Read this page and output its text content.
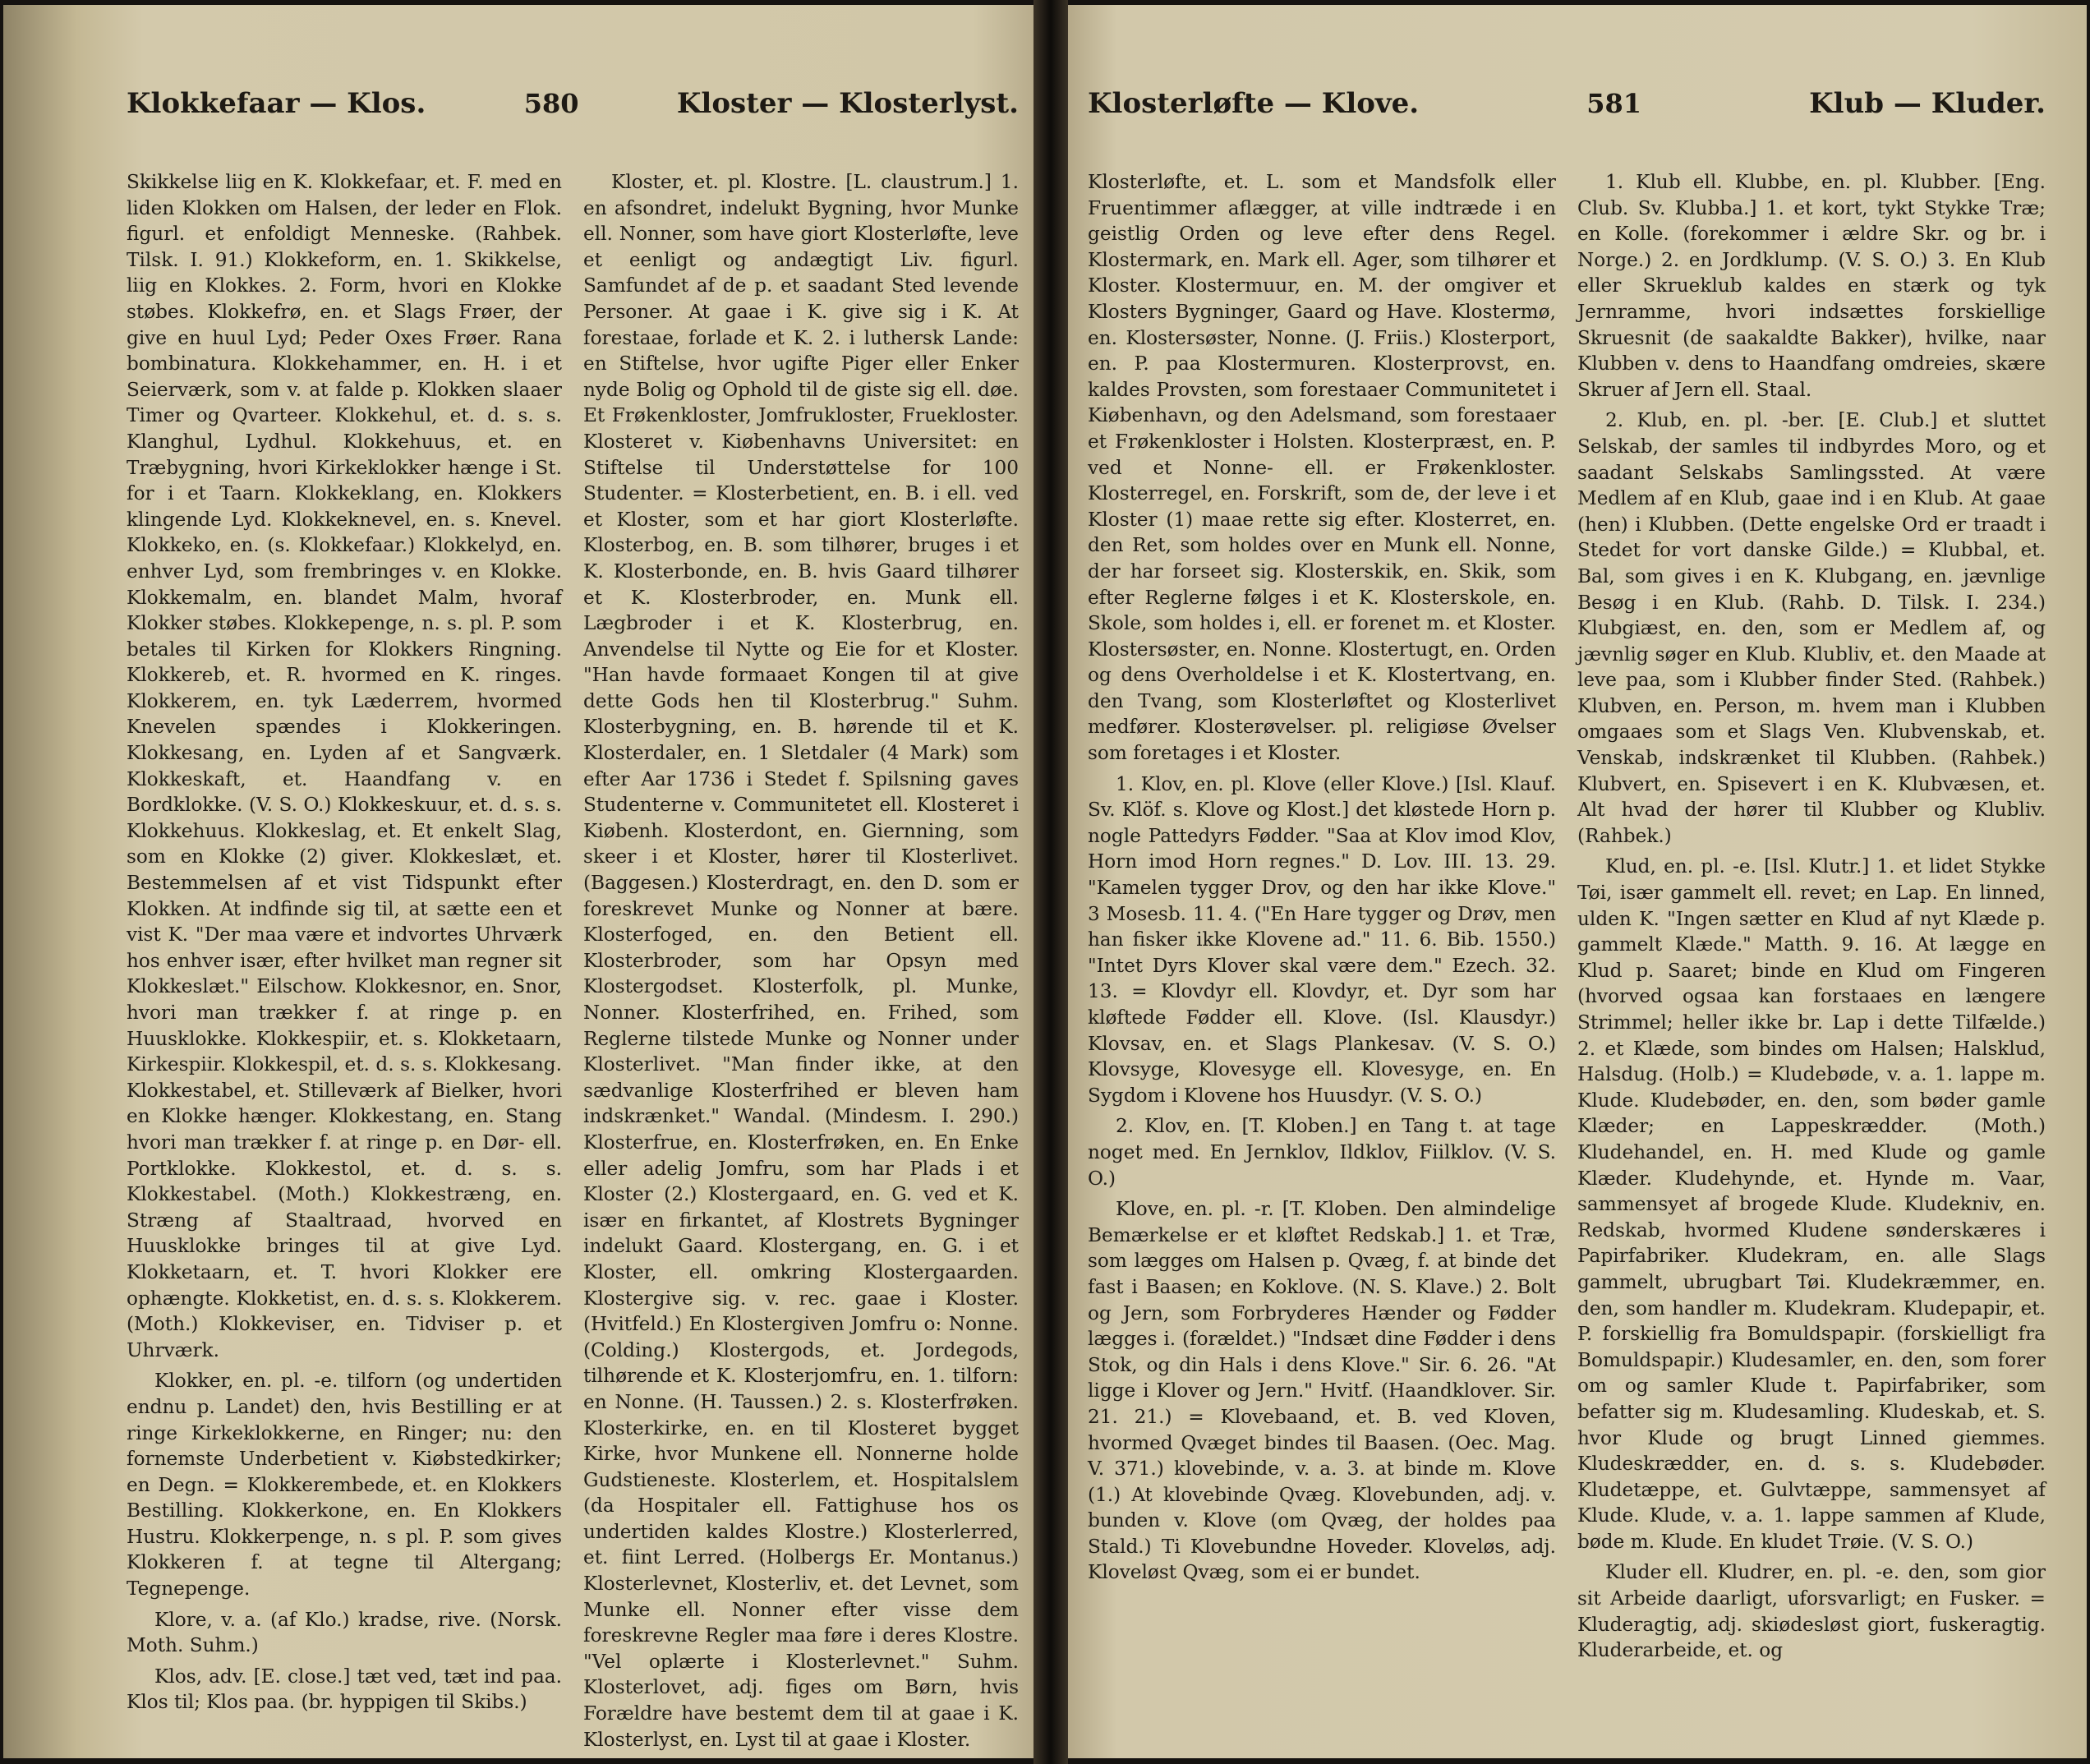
Klokkefaar — Klos.	580	Kloster — Klosterlyst.

Skikkelse liig en K. Klokkefaar, et. F. med en liden Klokken om Halsen, der leder en Flok. figurl. et enfoldigt Menneske. (Rahbek. Tilsk. I. 91.) Klokkeform, en. 1. Skikkelse, liig en Klokkes. 2. Form, hvori en Klokke støbes. Klokkefrø, en. et Slags Frøer, der give en huul Lyd; Peder Oxes Frøer. Rana bombinatura. Klokkehammer, en. H. i et Seierværk, som v. at falde p. Klokken slaaer Timer og Qvarteer. Klokkehul, et. d. s. s. Klanghul, Lydhul. Klokkehuus, et. en Træbygning, hvori Kirkeklokker hænge i St. for i et Taarn. Klokkeklang, en. Klokkers klingende Lyd. Klokkeknevel, en. s. Knevel. Klokkeko, en. (s. Klokkefaar.) Klokkelyd, en. enhver Lyd, som frembringes v. en Klokke. Klokkemalm, en. blandet Malm, hvoraf Klokker støbes. Klokkepenge, n. s. pl. P. som betales til Kirken for Klokkers Ringning. Klokkereb, et. R. hvormed en K. ringes. Klokkerem, en. tyk Læderrem, hvormed Knevelen spændes i Klokkeringen. Klokkesang, en. Lyden af et Sangværk. Klokkeskaft, et. Haandfang v. en Bordklokke. (V. S. O.) Klokkeskuur, et. d. s. s. Klokkehuus. Klokkeslag, et. Et enkelt Slag, som en Klokke (2) giver. Klokkeslæt, et. Bestemmelsen af et vist Tidspunkt efter Klokken. At indfinde sig til, at sætte een et vist K. "Der maa være et indvortes Uhrværk hos enhver især, efter hvilket man regner sit Klokkeslæt." Eilschow. Klokkesnor, en. Snor, hvori man trækker f. at ringe p. en Huusklokke. Klokkespiir, et. s. Klokketaarn, Kirkespiir. Klokkespil, et. d. s. s. Klokkesang. Klokkestabel, et. Stilleværk af Bielker, hvori en Klokke hænger. Klokkestang, en. Stang hvori man trækker f. at ringe p. en Dør- ell. Portklokke. Klokkestol, et. d. s. s. Klokkestabel. (Moth.) Klokkestræng, en. Stræng af Staaltraad, hvorved en Huusklokke bringes til at give Lyd. Klokketaarn, et. T. hvori Klokker ere ophængte. Klokketist, en. d. s. s. Klokkerem. (Moth.) Klokkeviser, en. Tidviser p. et Uhrværk.

Klokker, en. pl. -e. tilforn (og undertiden endnu p. Landet) den, hvis Bestilling er at ringe Kirkeklokkerne, en Ringer; nu: den fornemste Underbetient v. Kiøbstedkirker; en Degn. = Klokkerembede, et. en Klokkers Bestilling. Klokkerkone, en. En Klokkers Hustru. Klokkerpenge, n. s pl. P. som gives Klokkeren f. at tegne til Altergang; Tegnepenge.

Klore, v. a. (af Klo.) kradse, rive. (Norsk. Moth. Suhm.)

Klos, adv. [E. close.] tæt ved, tæt ind paa. Klos til; Klos paa. (br. hyppigen til Skibs.)

Kloster, et. pl. Klostre. [L. claustrum.] 1. en afsondret, indelukt Bygning, hvor Munke ell. Nonner, som have giort Klosterløfte, leve et eenligt og andægtigt Liv. figurl. Samfundet af de p. et saadant Sted levende Personer. At gaae i K. give sig i K. At forestaae, forlade et K. 2. i luthersk Lande: en Stiftelse, hvor ugifte Piger eller Enker nyde Bolig og Ophold til de giste sig ell. døe. Et Frøkenkloster, Jomfrukloster, Fruekloster. Klosteret v. Kiøbenhavns Universitet: en Stiftelse til Understøttelse for 100 Studenter. = Klosterbetient, en. B. i ell. ved et Kloster, som et har giort Klosterløfte. Klosterbog, en. B. som tilhører, bruges i et K. Klosterbonde, en. B. hvis Gaard tilhører et K. Klosterbroder, en. Munk ell. Lægbroder i et K. Klosterbrug, en. Anvendelse til Nytte og Eie for et Kloster. "Han havde formaaet Kongen til at give dette Gods hen til Klosterbrug." Suhm. Klosterbygning, en. B. hørende til et K. Klosterdaler, en. 1 Sletdaler (4 Mark) som efter Aar 1736 i Stedet f. Spilsning gaves Studenterne v. Communitetet ell. Klosteret i Kiøbenh. Klosterdont, en. Giernning, som skeer i et Kloster, hører til Klosterlivet. (Baggesen.) Klosterdragt, en. den D. som er foreskrevet Munke og Nonner at bære. Klosterfoged, en. den Betient ell. Klosterbroder, som har Opsyn med Klostergodset. Klosterfolk, pl. Munke, Nonner. Klosterfrihed, en. Frihed, som Reglerne tilstede Munke og Nonner under Klosterlivet. "Man finder ikke, at den sædvanlige Klosterfrihed er bleven ham indskrænket." Wandal. (Mindesm. I. 290.) Klosterfrue, en. Klosterfrøken, en. En Enke eller adelig Jomfru, som har Plads i et Kloster (2.) Klostergaard, en. G. ved et K. især en firkantet, af Klostrets Bygninger indelukt Gaard. Klostergang, en. G. i et Kloster, ell. omkring Klostergaarden. Klostergive sig. v. rec. gaae i Kloster. (Hvitfeld.) En Klostergiven Jomfru o: Nonne. (Colding.) Klostergods, et. Jordegods, tilhørende et K. Klosterjomfru, en. 1. tilforn: en Nonne. (H. Taussen.) 2. s. Klosterfrøken. Klosterkirke, en. en til Klosteret bygget Kirke, hvor Munkene ell. Nonnerne holde Gudstieneste. Klosterlem, et. Hospitalslem (da Hospitaler ell. Fattighuse hos os undertiden kaldes Klostre.) Klosterlerred, et. fiint Lerred. (Holbergs Er. Montanus.) Klosterlevnet, Klosterliv, et. det Levnet, som Munke ell. Nonner efter visse dem foreskrevne Regler maa føre i deres Klostre. "Vel oplærte i Klosterlevnet." Suhm. Klosterlovet, adj. figes om Børn, hvis Forældre have bestemt dem til at gaae i K. Klosterlyst, en. Lyst til at gaae i Kloster.

Klosterløfte — Klove.	581	Klub — Kluder.

Klosterløfte, et. L. som et Mandsfolk eller Fruentimmer aflægger, at ville indtræde i en geistlig Orden og leve efter dens Regel. Klostermark, en. Mark ell. Ager, som tilhører et Kloster. Klostermuur, en. M. der omgiver et Klosters Bygninger, Gaard og Have. Klostermø, en. Klostersøster, Nonne. (J. Friis.) Klosterport, en. P. paa Klostermuren. Klosterprovst, en. kaldes Provsten, som forestaaer Communitetet i Kiøbenhavn, og den Adelsmand, som forestaaer et Frøkenkloster i Holsten. Klosterpræst, en. P. ved et Nonne- ell. er Frøkenkloster. Klosterregel, en. Forskrift, som de, der leve i et Kloster (1) maae rette sig efter. Klosterret, en. den Ret, som holdes over en Munk ell. Nonne, der har forseet sig. Klosterskik, en. Skik, som efter Reglerne følges i et K. Klosterskole, en. Skole, som holdes i, ell. er forenet m. et Kloster. Klostersøster, en. Nonne. Klostertugt, en. Orden og dens Overholdelse i et K. Klostertvang, en. den Tvang, som Klosterløftet og Klosterlivet medfører. Klosterøvelser. pl. religiøse Øvelser som foretages i et Kloster.

1. Klov, en. pl. Klove (eller Klove.) [Isl. Klauf. Sv. Klöf. s. Klove og Klost.] det kløstede Horn p. nogle Pattedyrs Fødder. "Saa at Klov imod Klov, Horn imod Horn regnes." D. Lov. III. 13. 29. "Kamelen tygger Drov, og den har ikke Klove." 3 Mosesb. 11. 4. ("En Hare tygger og Drøv, men han fisker ikke Klovene ad." 11. 6. Bib. 1550.) "Intet Dyrs Klover skal være dem." Ezech. 32. 13. = Klovdyr ell. Klovdyr, et. Dyr som har kløftede Fødder ell. Klove. (Isl. Klausdyr.) Klovsav, en. et Slags Plankesav. (V. S. O.) Klovsyge, Klovesyge ell. Klovesyge, en. En Sygdom i Klovene hos Huusdyr. (V. S. O.)

2. Klov, en. [T. Kloben.] en Tang t. at tage noget med. En Jernklov, Ildklov, Fiilklov. (V. S. O.)

Klove, en. pl. -r. [T. Kloben. Den almindelige Bemærkelse er et kløftet Redskab.] 1. et Træ, som lægges om Halsen p. Qvæg, f. at binde det fast i Baasen; en Koklove. (N. S. Klave.) 2. Bolt og Jern, som Forbryderes Hænder og Fødder lægges i. (forældet.) "Indsæt dine Fødder i dens Stok, og din Hals i dens Klove." Sir. 6. 26. "At ligge i Klover og Jern." Hvitf. (Haandklover. Sir. 21. 21.) = Klovebaand, et. B. ved Kloven, hvormed Qvæget bindes til Baasen. (Oec. Mag. V. 371.) klovebinde, v. a. 3. at binde m. Klove (1.) At klovebinde Qvæg. Klovebunden, adj. v. bunden v. Klove (om Qvæg, der holdes paa Stald.) Ti Klovebundne Hoveder. Kloveløs, adj. Kloveløst Qvæg, som ei er bundet.

1. Klub ell. Klubbe, en. pl. Klubber. [Eng. Club. Sv. Klubba.] 1. et kort, tykt Stykke Træ; en Kolle. (forekommer i ældre Skr. og br. i Norge.) 2. en Jordklump. (V. S. O.) 3. En Klub eller Skrueklub kaldes en stærk og tyk Jernramme, hvori indsættes forskiellige Skruesnit (de saakaldte Bakker), hvilke, naar Klubben v. dens to Haandfang omdreies, skære Skruer af Jern ell. Staal.

2. Klub, en. pl. -ber. [E. Club.] et sluttet Selskab, der samles til indbyrdes Moro, og et saadant Selskabs Samlingssted. At være Medlem af en Klub, gaae ind i en Klub. At gaae (hen) i Klubben. (Dette engelske Ord er traadt i Stedet for vort danske Gilde.) = Klubbal, et. Bal, som gives i en K. Klubgang, en. jævnlige Besøg i en Klub. (Rahb. D. Tilsk. I. 234.) Klubgiæst, en. den, som er Medlem af, og jævnlig søger en Klub. Klubliv, et. den Maade at leve paa, som i Klubber finder Sted. (Rahbek.) Klubven, en. Person, m. hvem man i Klubben omgaaes som et Slags Ven. Klubvenskab, et. Venskab, indskrænket til Klubben. (Rahbek.) Klubvert, en. Spisevert i en K. Klubvæsen, et. Alt hvad der hører til Klubber og Klubliv. (Rahbek.)

Klud, en. pl. -e. [Isl. Klutr.] 1. et lidet Stykke Tøi, især gammelt ell. revet; en Lap. En linned, ulden K. "Ingen sætter en Klud af nyt Klæde p. gammelt Klæde." Matth. 9. 16. At lægge en Klud p. Saaret; binde en Klud om Fingeren (hvorved ogsaa kan forstaaes en længere Strimmel; heller ikke br. Lap i dette Tilfælde.) 2. et Klæde, som bindes om Halsen; Halsklud, Halsdug. (Holb.) = Kludebøde, v. a. 1. lappe m. Klude. Kludebøder, en. den, som bøder gamle Klæder; en Lappeskrædder. (Moth.) Kludehandel, en. H. med Klude og gamle Klæder. Kludehynde, et. Hynde m. Vaar, sammensyet af brogede Klude. Kludekniv, en. Redskab, hvormed Kludene sønderskæres i Papirfabriker. Kludekram, en. alle Slags gammelt, ubrugbart Tøi. Kludekræmmer, en. den, som handler m. Kludekram. Kludepapir, et. P. forskiellig fra Bomuldspapir. (forskielligt fra Bomuldspapir.) Kludesamler, en. den, som forer om og samler Klude t. Papirfabriker, som befatter sig m. Kludesamling. Kludeskab, et. S. hvor Klude og brugt Linned giemmes. Kludeskrædder, en. d. s. s. Kludebøder. Kludetæppe, et. Gulvtæppe, sammensyet af Klude. Klude, v. a. 1. lappe sammen af Klude, bøde m. Klude. En kludet Trøie. (V. S. O.)

Kluder ell. Kludrer, en. pl. -e. den, som gior sit Arbeide daarligt, uforsvarligt; en Fusker. = Kluderagtig, adj. skiødesløst giort, fuskeragtig. Kluderarbeide, et. og
